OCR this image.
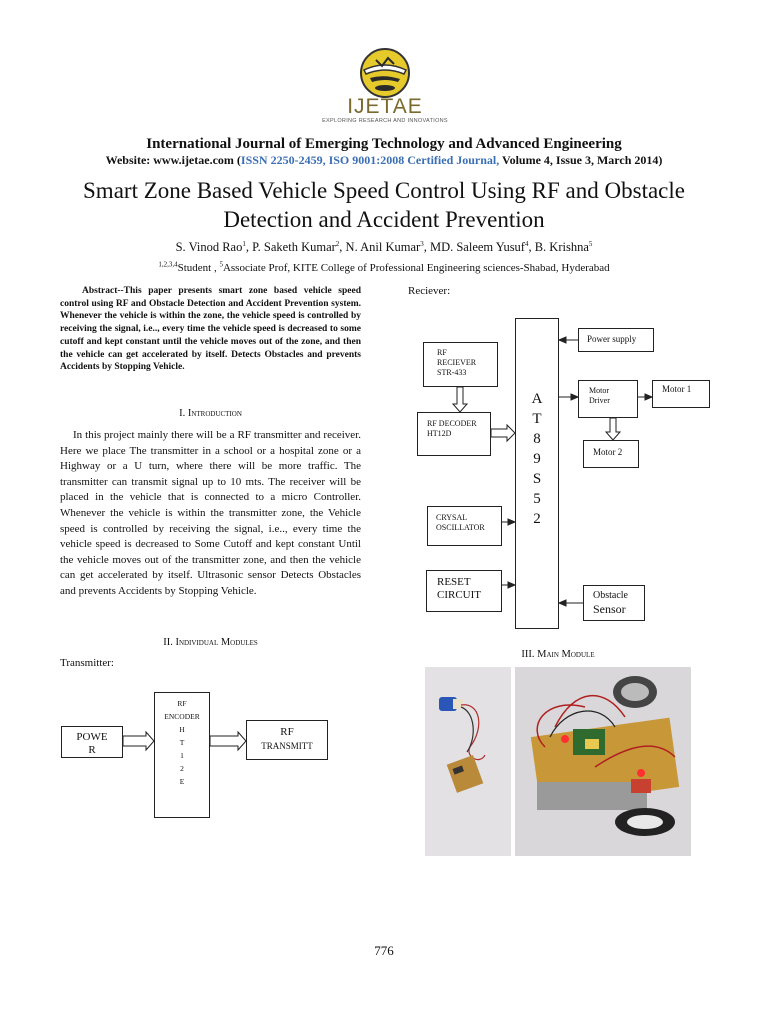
IJETAE
EXPLORING RESEARCH AND INNOVATIONS
International Journal of Emerging Technology and Advanced Engineering
Website: www.ijetae.com (ISSN 2250-2459, ISO 9001:2008 Certified Journal, Volume 4, Issue 3, March 2014)
Smart Zone Based Vehicle Speed Control Using RF and Obstacle Detection and Accident Prevention
S. Vinod Rao$^1$, P. Saketh Kumar$^2$, N. Anil Kumar$^3$, MD. Saleem Yusuf$^4$, B. Krishna$^5$
$^{1,2,3,4}$Student , $^5$Associate Prof, KITE College of Professional Engineering sciences-Shabad, Hyderabad
Abstract--This paper presents smart zone based vehicle speed control using RF and Obstacle Detection and Accident Prevention system. Whenever the vehicle is within the zone, the vehicle speed is controlled by receiving the signal, i.e.., every time the vehicle speed is decreased to some cutoff and kept constant until the vehicle moves out of the zone, and then the vehicle can get accelerated by itself. Detects Obstacles and prevents Accidents by Stopping Vehicle.
I. Introduction
In this project mainly there will be a RF transmitter and receiver. Here we place The transmitter in a school or a hospital zone or a Highway or a U turn, where there will be more traffic. The transmitter can transmit signal up to 10 mts. The receiver will be placed in the vehicle that is connected to a micro Controller. Whenever the vehicle is within the transmitter zone, the Vehicle speed is controlled by receiving the signal, i.e.., every time the vehicle speed is decreased to Some Cutoff and kept constant Until the vehicle moves out of the transmitter zone, and then the vehicle can get accelerated by itself. Ultrasonic sensor Detects Obstacles and prevents Accidents by Stopping Vehicle.
II. Individual Modules
Transmitter:
POWE
R
RF
ENCODER
H
T
1
2
E
RF
TRANSMITT
Reciever:
A
T
8
9
S
5
2
RF
RECIEVER
STR-433
RF DECODER
HT12D
CRYSAL
OSCILLATOR
RESET
CIRCUIT
Power supply
Motor
Driver
Motor 1
Motor 2
Obstacle
Sensor
III. Main Module
776
